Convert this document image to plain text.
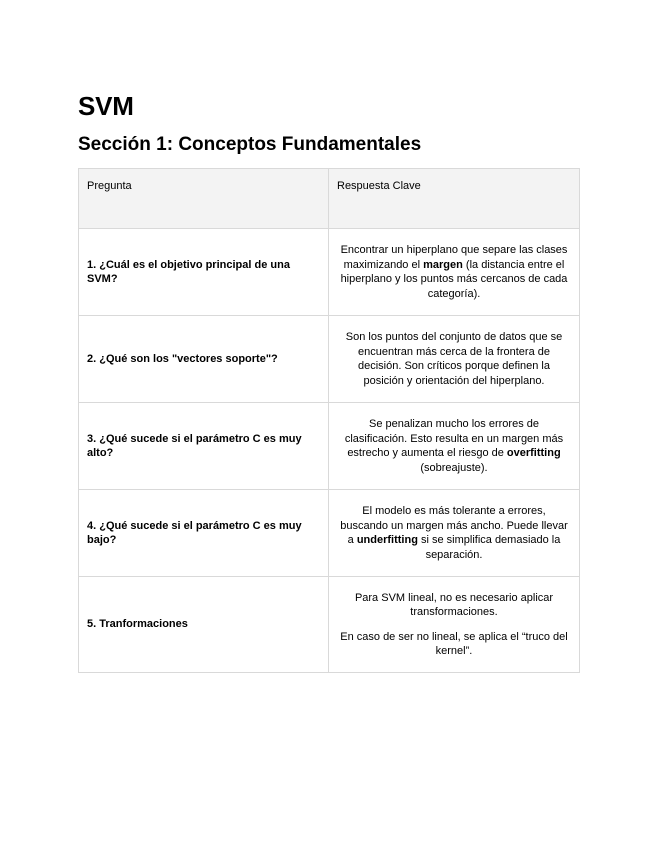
SVM
Sección 1: Conceptos Fundamentales
Pregunta	Respuesta Clave
1. ¿Cuál es el objetivo principal de una SVM?	Encontrar un hiperplano que separe las clases maximizando el margen (la distancia entre el hiperplano y los puntos más cercanos de cada categoría).
2. ¿Qué son los "vectores soporte"?	Son los puntos del conjunto de datos que se encuentran más cerca de la frontera de decisión. Son críticos porque definen la posición y orientación del hiperplano.
3. ¿Qué sucede si el parámetro C es muy alto?	Se penalizan mucho los errores de clasificación. Esto resulta en un margen más estrecho y aumenta el riesgo de overfitting (sobreajuste).
4. ¿Qué sucede si el parámetro C es muy bajo?	El modelo es más tolerante a errores, buscando un margen más ancho. Puede llevar a underfitting si se simplifica demasiado la separación.
5. Tranformaciones	Para SVM lineal, no es necesario aplicar transformaciones.

En caso de ser no lineal, se aplica el “truco del kernel”.
